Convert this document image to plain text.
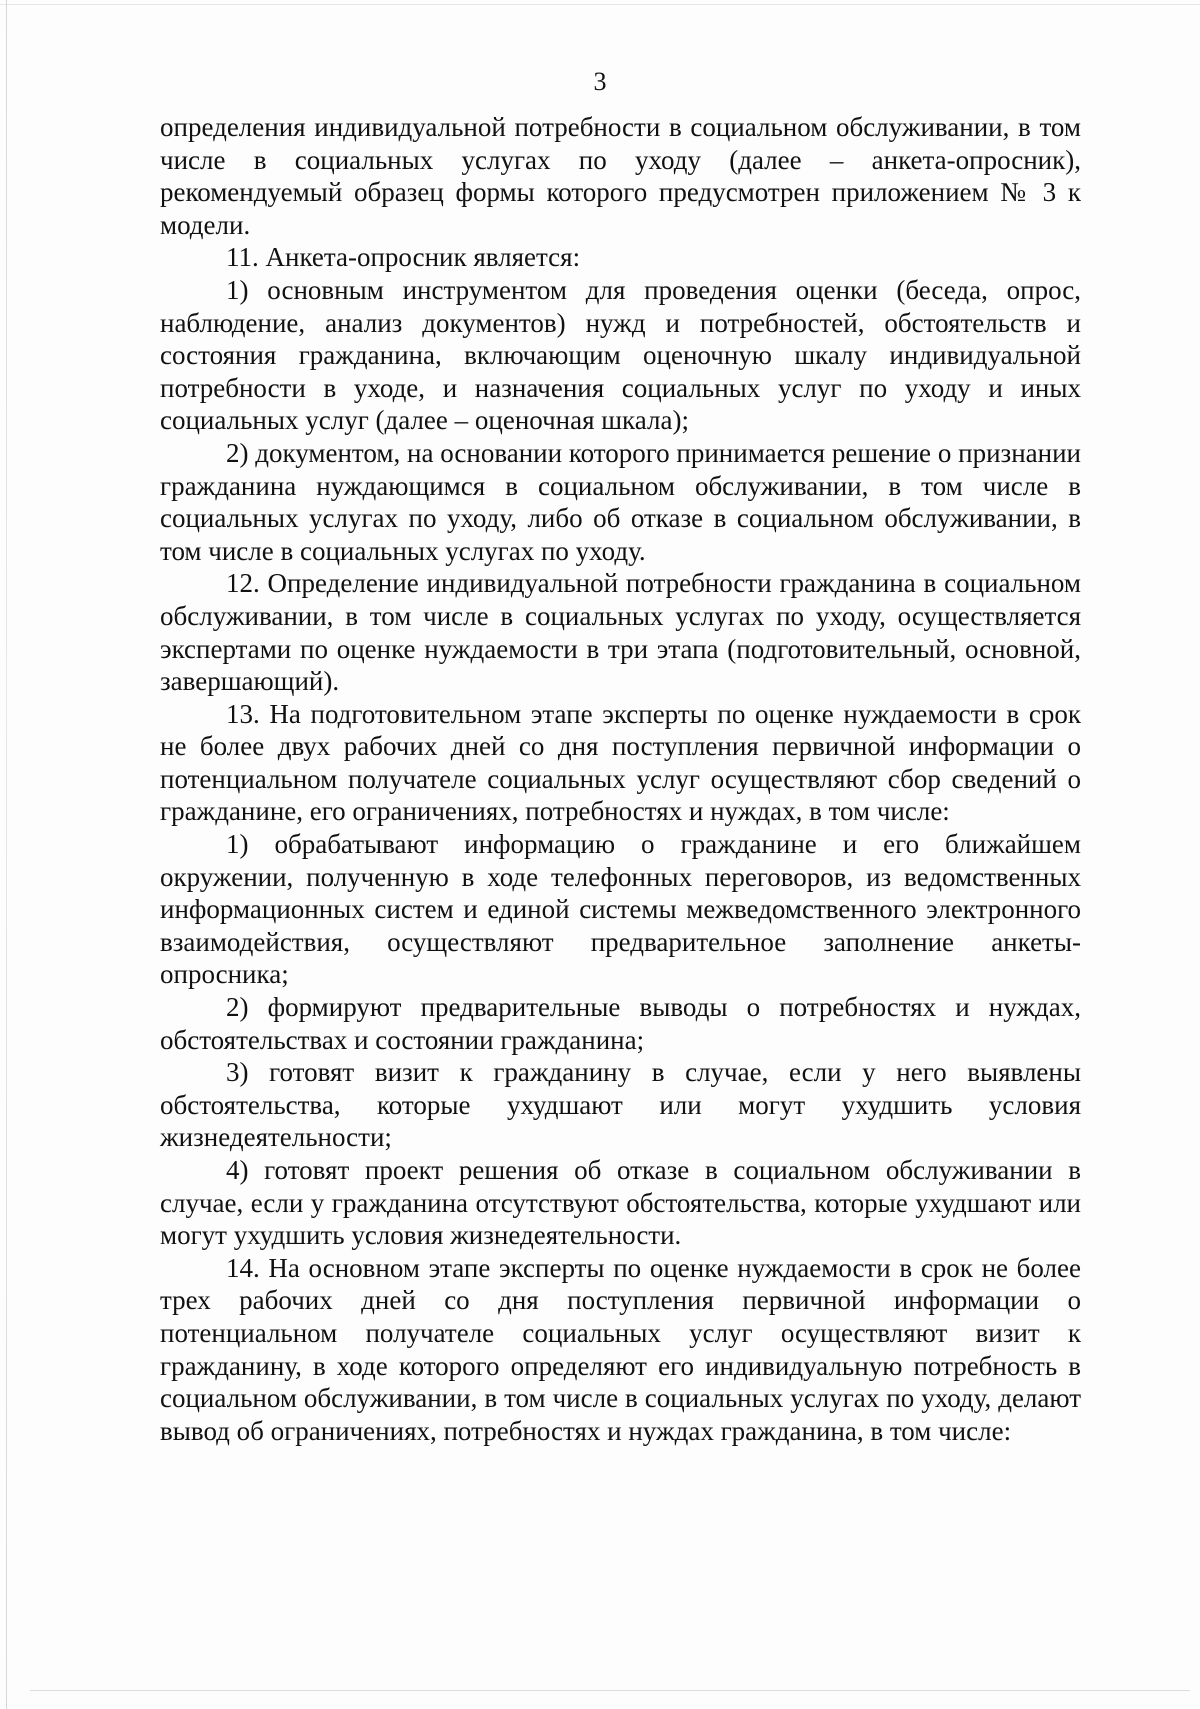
3

определения индивидуальной потребности в социальном обслуживании, в том числе в социальных услугах по уходу (далее – анкета-опросник), рекомендуемый образец формы которого предусмотрен приложением № 3 к модели.

11. Анкета-опросник является:

1) основным инструментом для проведения оценки (беседа, опрос, наблюдение, анализ документов) нужд и потребностей, обстоятельств и состояния гражданина, включающим оценочную шкалу индивидуальной потребности в уходе, и назначения социальных услуг по уходу и иных социальных услуг (далее – оценочная шкала);

2) документом, на основании которого принимается решение о признании гражданина нуждающимся в социальном обслуживании, в том числе в социальных услугах по уходу, либо об отказе в социальном обслуживании, в том числе в социальных услугах по уходу.

12. Определение индивидуальной потребности гражданина в социальном обслуживании, в том числе в социальных услугах по уходу, осуществляется экспертами по оценке нуждаемости в три этапа (подготовительный, основной, завершающий).

13. На подготовительном этапе эксперты по оценке нуждаемости в срок не более двух рабочих дней со дня поступления первичной информации о потенциальном получателе социальных услуг осуществляют сбор сведений о гражданине, его ограничениях, потребностях и нуждах, в том числе:

1) обрабатывают информацию о гражданине и его ближайшем окружении, полученную в ходе телефонных переговоров, из ведомственных информационных систем и единой системы межведомственного электронного взаимодействия, осуществляют предварительное заполнение анкеты-опросника;

2) формируют предварительные выводы о потребностях и нуждах, обстоятельствах и состоянии гражданина;

3) готовят визит к гражданину в случае, если у него выявлены обстоятельства, которые ухудшают или могут ухудшить условия жизнедеятельности;

4) готовят проект решения об отказе в социальном обслуживании в случае, если у гражданина отсутствуют обстоятельства, которые ухудшают или могут ухудшить условия жизнедеятельности.

14. На основном этапе эксперты по оценке нуждаемости в срок не более трех рабочих дней со дня поступления первичной информации о потенциальном получателе социальных услуг осуществляют визит к гражданину, в ходе которого определяют его индивидуальную потребность в социальном обслуживании, в том числе в социальных услугах по уходу, делают вывод об ограничениях, потребностях и нуждах гражданина, в том числе:
